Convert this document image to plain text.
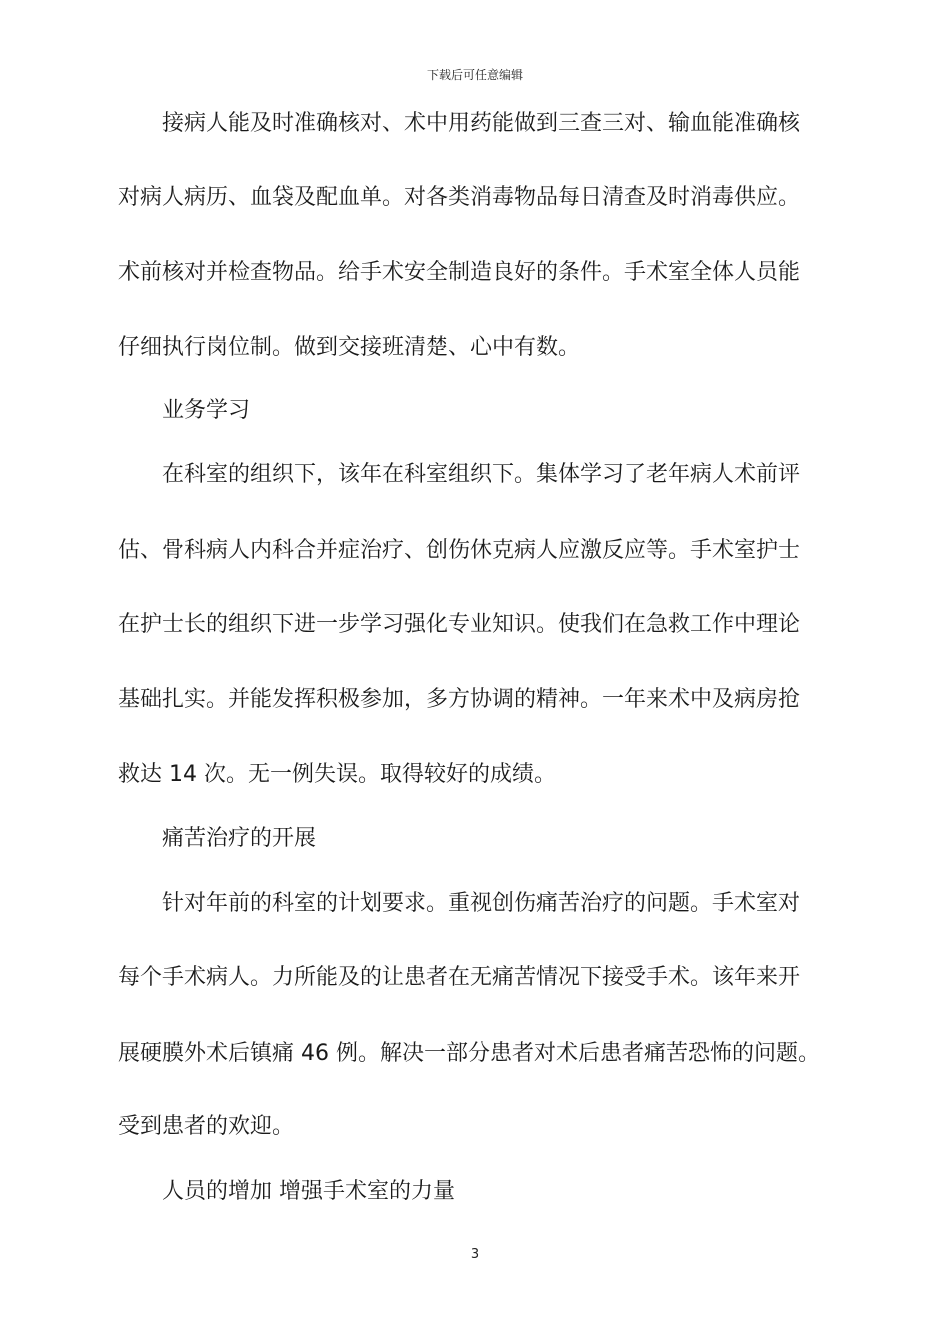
下载后可任意编辑
接病人能及时准确核对、术中用药能做到三查三对、输血能准确核
对病人病历、血袋及配血单。对各类消毒物品每日清查及时消毒供应。
术前核对并检查物品。给手术安全制造良好的条件。手术室全体人员能
仔细执行岗位制。做到交接班清楚、心中有数。
业务学习
在科室的组织下，该年在科室组织下。集体学习了老年病人术前评
估、骨科病人内科合并症治疗、创伤休克病人应激反应等。手术室护士
在护士长的组织下进一步学习强化专业知识。使我们在急救工作中理论
基础扎实。并能发挥积极参加，多方协调的精神。一年来术中及病房抢
救达 14 次。无一例失误。取得较好的成绩。
痛苦治疗的开展
针对年前的科室的计划要求。重视创伤痛苦治疗的问题。手术室对
每个手术病人。力所能及的让患者在无痛苦情况下接受手术。该年来开
展硬膜外术后镇痛 46 例。解决一部分患者对术后患者痛苦恐怖的问题。
受到患者的欢迎。
人员的增加 增强手术室的力量
3
